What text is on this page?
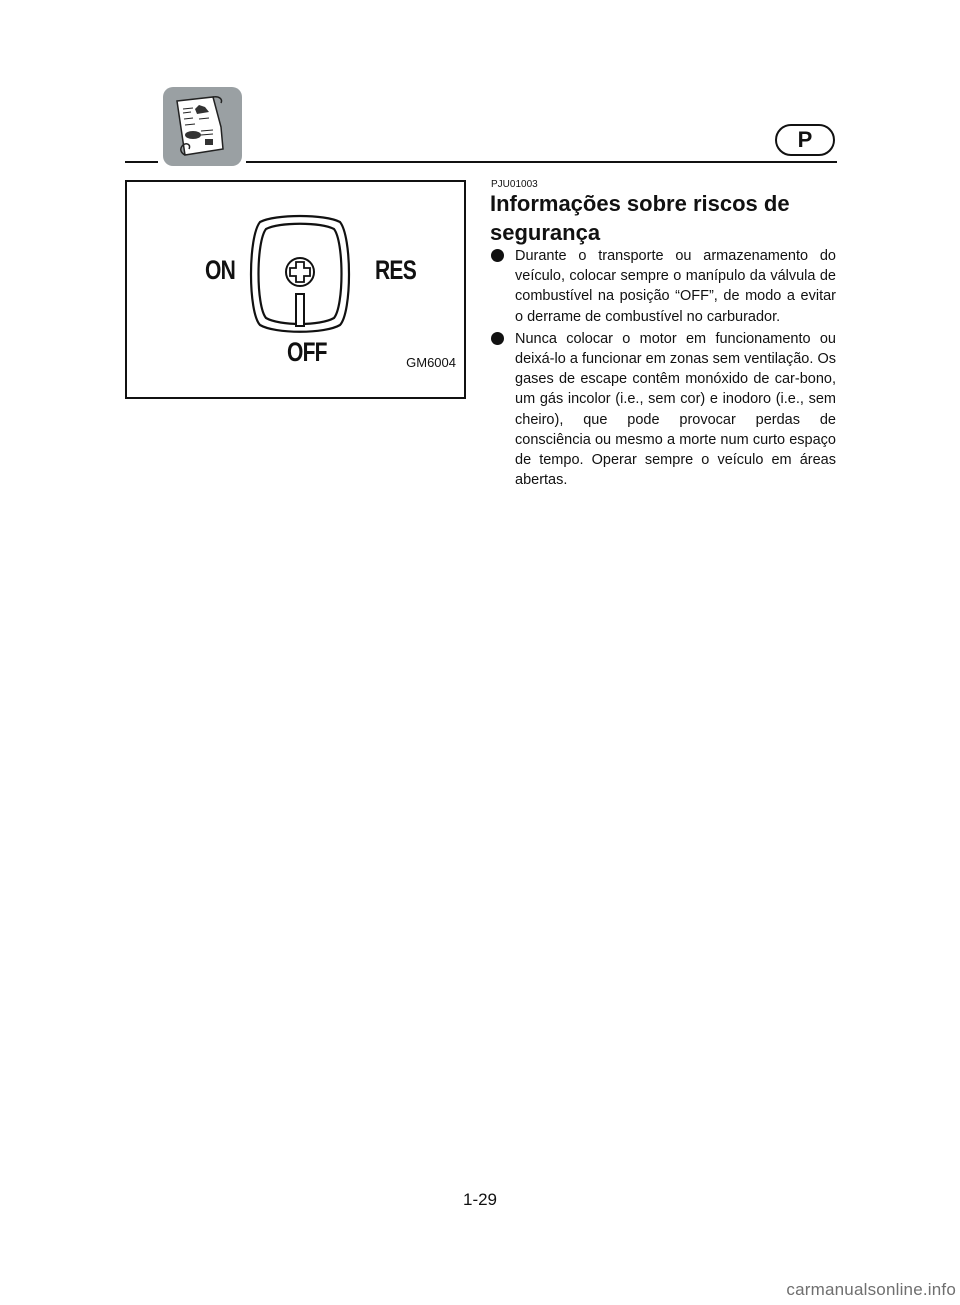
P
ON	RES
OFF	GM6004
PJU01003
Informações sobre riscos de segurança
Durante o transporte ou armazenamento do veículo, colocar sempre o manípulo da válvula de combustível na posição “OFF”, de modo a evitar o derrame de combustível no carburador.
Nunca colocar o motor em funcionamento ou deixá-lo a funcionar em zonas sem ventilação. Os gases de escape contêm monóxido de car-bono, um gás incolor (i.e., sem cor) e inodoro (i.e., sem cheiro), que pode provocar perdas de consciência ou mesmo a morte num curto espaço de tempo. Operar sempre o veículo em áreas abertas.
1-29
carmanualsonline.info
